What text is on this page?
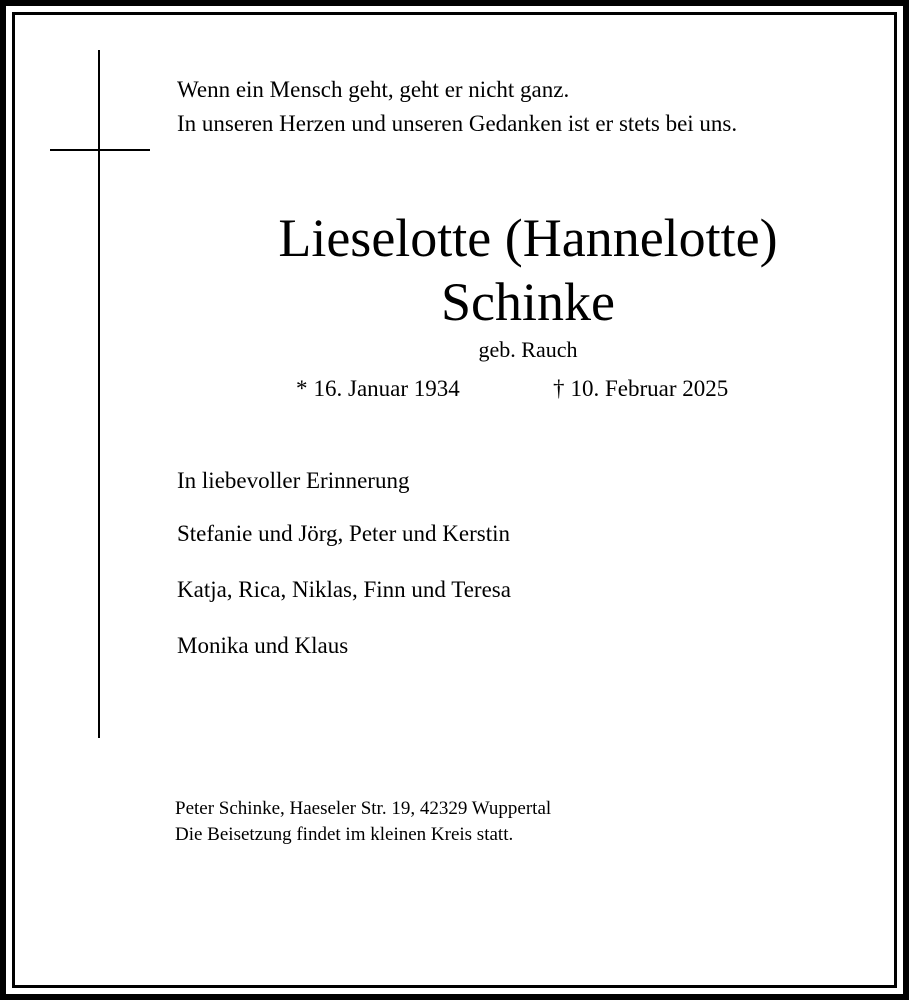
Wenn ein Mensch geht, geht er nicht ganz.
In unseren Herzen und unseren Gedanken ist er stets bei uns.
Lieselotte (Hannelotte)
Schinke
geb. Rauch
* 16. Januar 1934	† 10. Februar 2025
In liebevoller Erinnerung
Stefanie und Jörg, Peter und Kerstin
Katja, Rica, Niklas, Finn und Teresa
Monika und Klaus
Peter Schinke, Haeseler Str. 19, 42329 Wuppertal
Die Beisetzung findet im kleinen Kreis statt.
